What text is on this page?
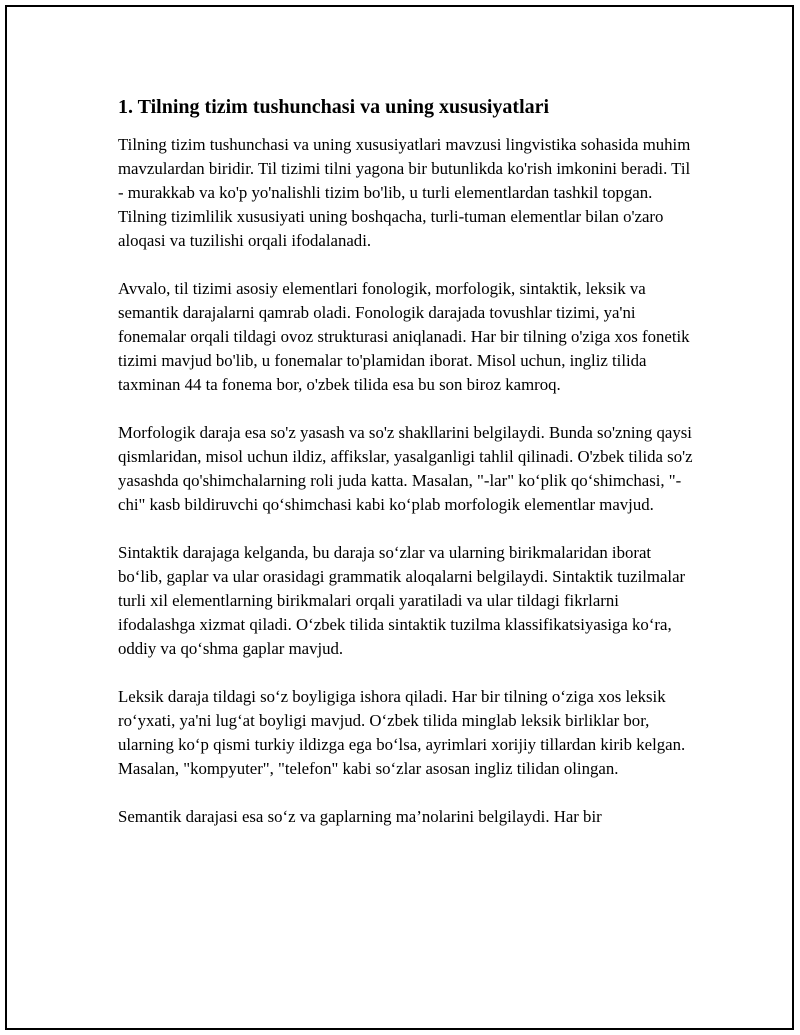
1. Tilning tizim tushunchasi va uning xususiyatlari

Tilning tizim tushunchasi va uning xususiyatlari mavzusi lingvistika sohasida muhim mavzulardan biridir. Til tizimi tilni yagona bir butunlikda ko'rish imkonini beradi. Til - murakkab va ko'p yo'nalishli tizim bo'lib, u turli elementlardan tashkil topgan. Tilning tizimlilik xususiyati uning boshqacha, turli-tuman elementlar bilan o'zaro aloqasi va tuzilishi orqali ifodalanadi.

Avvalo, til tizimi asosiy elementlari fonologik, morfologik, sintaktik, leksik va semantik darajalarni qamrab oladi. Fonologik darajada tovushlar tizimi, ya'ni fonemalar orqali tildagi ovoz strukturasi aniqlanadi. Har bir tilning o'ziga xos fonetik tizimi mavjud bo'lib, u fonemalar to'plamidan iborat. Misol uchun, ingliz tilida taxminan 44 ta fonema bor, o'zbek tilida esa bu son biroz kamroq.

Morfologik daraja esa so'z yasash va so'z shakllarini belgilaydi. Bunda so'zning qaysi qismlaridan, misol uchun ildiz, affikslar, yasalganligi tahlil qilinadi. O'zbek tilida so'z yasashda qo'shimchalarning roli juda katta. Masalan, "-lar" ko‘plik qo‘shimchasi, "-chi" kasb bildiruvchi qo‘shimchasi kabi ko‘plab morfologik elementlar mavjud.

Sintaktik darajaga kelganda, bu daraja so‘zlar va ularning birikmalaridan iborat bo‘lib, gaplar va ular orasidagi grammatik aloqalarni belgilaydi. Sintaktik tuzilmalar turli xil elementlarning birikmalari orqali yaratiladi va ular tildagi fikrlarni ifodalashga xizmat qiladi. O‘zbek tilida sintaktik tuzilma klassifikatsiyasiga ko‘ra, oddiy va qo‘shma gaplar mavjud.

Leksik daraja tildagi so‘z boyligiga ishora qiladi. Har bir tilning o‘ziga xos leksik ro‘yxati, ya'ni lug‘at boyligi mavjud. O‘zbek tilida minglab leksik birliklar bor, ularning ko‘p qismi turkiy ildizga ega bo‘lsa, ayrimlari xorijiy tillardan kirib kelgan. Masalan, "kompyuter", "telefon" kabi so‘zlar asosan ingliz tilidan olingan.

Semantik darajasi esa so‘z va gaplarning ma’nolarini belgilaydi. Har bir
